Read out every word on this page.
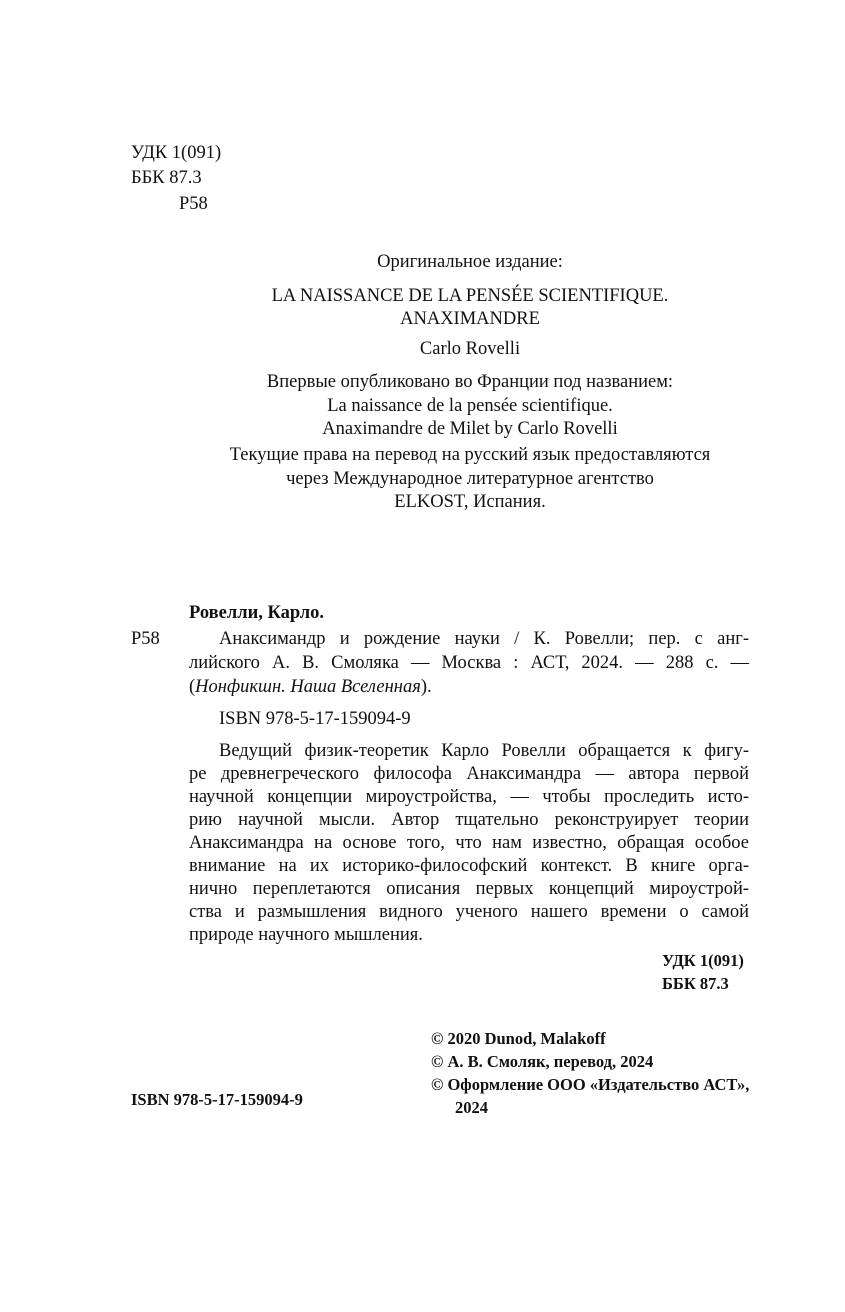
УДК 1(091)
ББК 87.3
Р58
Оригинальное издание:
LA NAISSANCE DE LA PENSÉE SCIENTIFIQUE.
ANAXIMANDRE
Carlo Rovelli
Впервые опубликовано во Франции под названием:
La naissance de la pensée scientifique.
Anaximandre de Milet by Carlo Rovelli
Текущие права на перевод на русский язык предоставляются
через Международное литературное агентство
ELKOST, Испания.
Ровелли, Карло.
Р58	Анаксимандр и рождение науки / К. Ровелли; пер. с анг-
лийского А. В. Смоляка — Москва : АСТ, 2024. — 288 с. —
(Нонфикшн. Наша Вселенная).
ISBN 978-5-17-159094-9
Ведущий физик-теоретик Карло Ровелли обращается к фигу-
ре древнегреческого философа Анаксимандра — автора первой
научной концепции мироустройства, — чтобы проследить исто-
рию научной мысли. Автор тщательно реконструирует теории
Анаксимандра на основе того, что нам известно, обращая особое
внимание на их историко-философский контекст. В книге орга-
нично переплетаются описания первых концепций мироустрой-
ства и размышления видного ученого нашего времени о самой
природе научного мышления.
УДК 1(091)
ББК 87.3
© 2020 Dunod, Malakoff
© А. В. Смоляк, перевод, 2024
© Оформление ООО «Издательство АСТ»,
2024
ISBN 978-5-17-159094-9
